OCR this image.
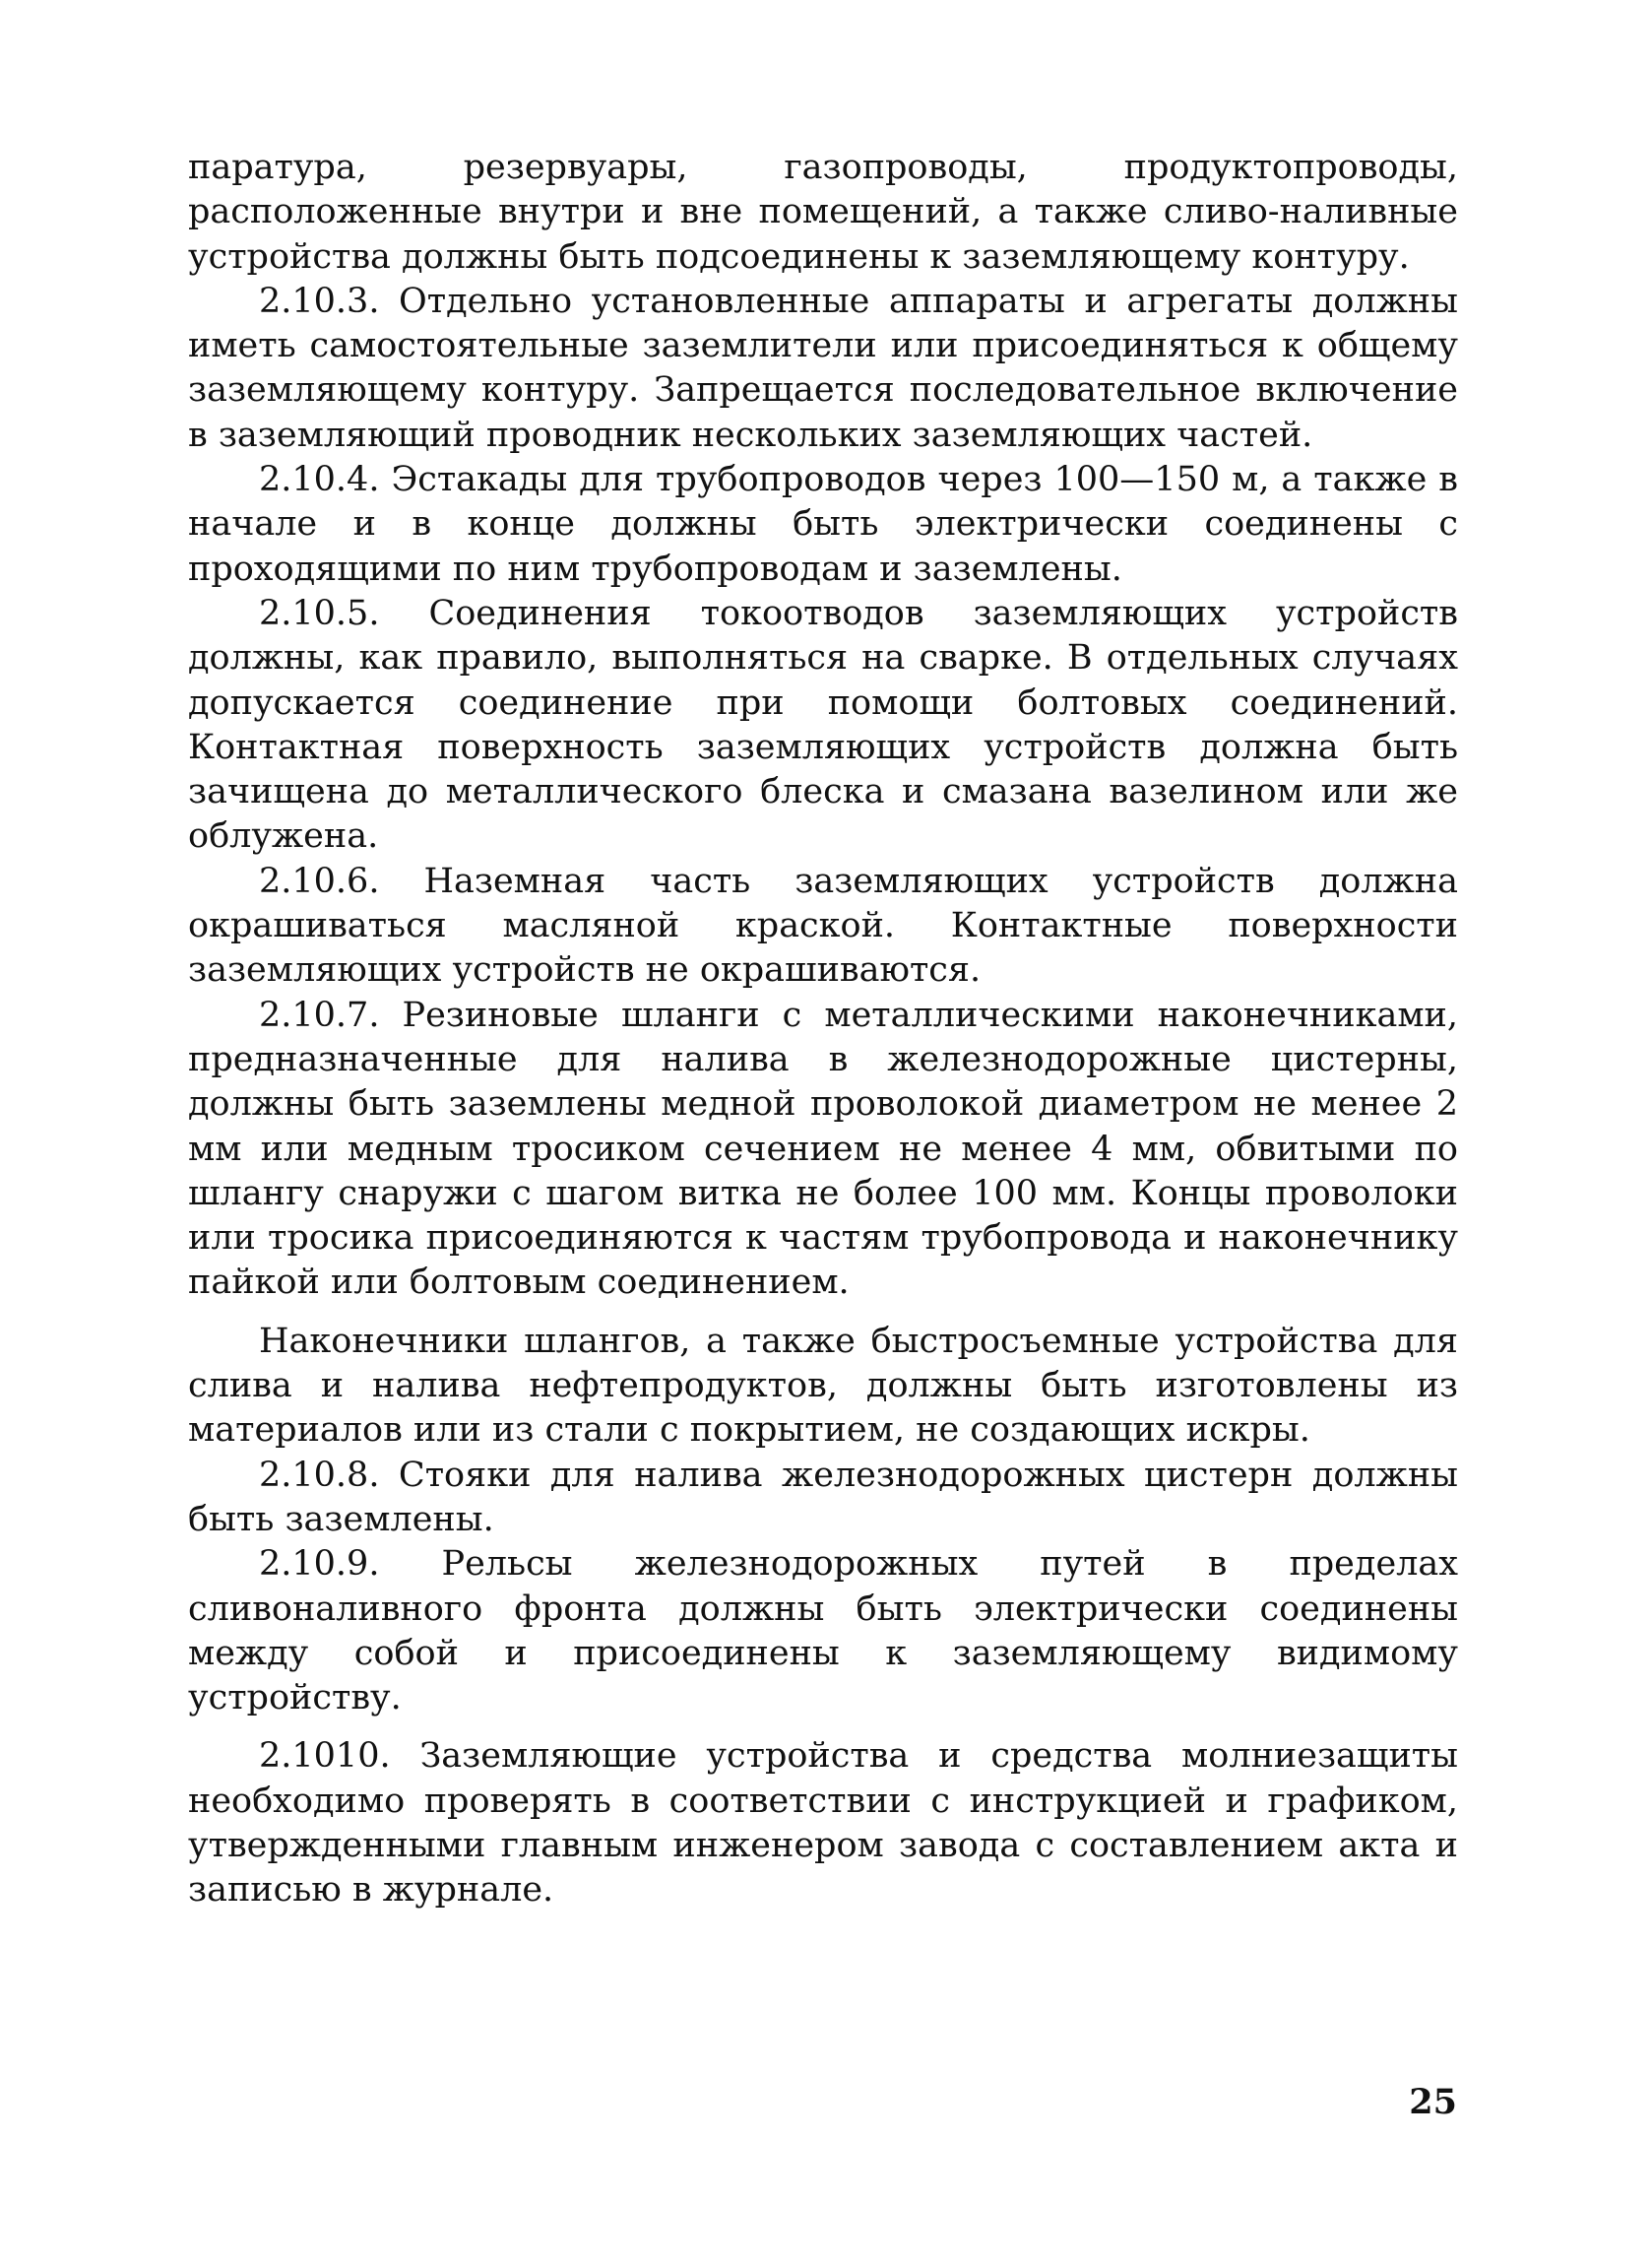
паратура, резервуары, газопроводы, продуктопроводы, расположенные внутри и вне помещений, а также сливо-наливные устройства должны быть подсоединены к заземляющему контуру.

2.10.3. Отдельно установленные аппараты и агрегаты должны иметь самостоятельные заземлители или присоединяться к общему заземляющему контуру. Запрещается последовательное включение в заземляющий проводник нескольких заземляющих частей.

2.10.4. Эстакады для трубопроводов через 100—150 м, а также в начале и в конце должны быть электрически соединены с проходящими по ним трубопроводам и заземлены.

2.10.5. Соединения токоотводов заземляющих устройств должны, как правило, выполняться на сварке. В отдельных случаях допускается соединение при помощи болтовых соединений. Контактная поверхность заземляющих устройств должна быть зачищена до металлического блеска и смазана вазелином или же облужена.

2.10.6. Наземная часть заземляющих устройств должна окрашиваться масляной краской. Контактные поверхности заземляющих устройств не окрашиваются.

2.10.7. Резиновые шланги с металлическими наконечниками, предназначенные для налива в железнодорожные цистерны, должны быть заземлены медной проволокой диаметром не менее 2 мм или медным тросиком сечением не менее 4 мм, обвитыми по шлангу снаружи с шагом витка не более 100 мм. Концы проволоки или тросика присоединяются к частям трубопровода и наконечнику пайкой или болтовым соединением.

Наконечники шлангов, а также быстросъемные устройства для слива и налива нефтепродуктов, должны быть изготовлены из материалов или из стали с покрытием, не создающих искры.

2.10.8. Стояки для налива железнодорожных цистерн должны быть заземлены.

2.10.9. Рельсы железнодорожных путей в пределах сливоналивного фронта должны быть электрически соединены между собой и присоединены к заземляющему видимому устройству.

2.1010. Заземляющие устройства и средства молниезащиты необходимо проверять в соответствии с инструкцией и графиком, утвержденными главным инженером завода с составлением акта и записью в журнале.

25
